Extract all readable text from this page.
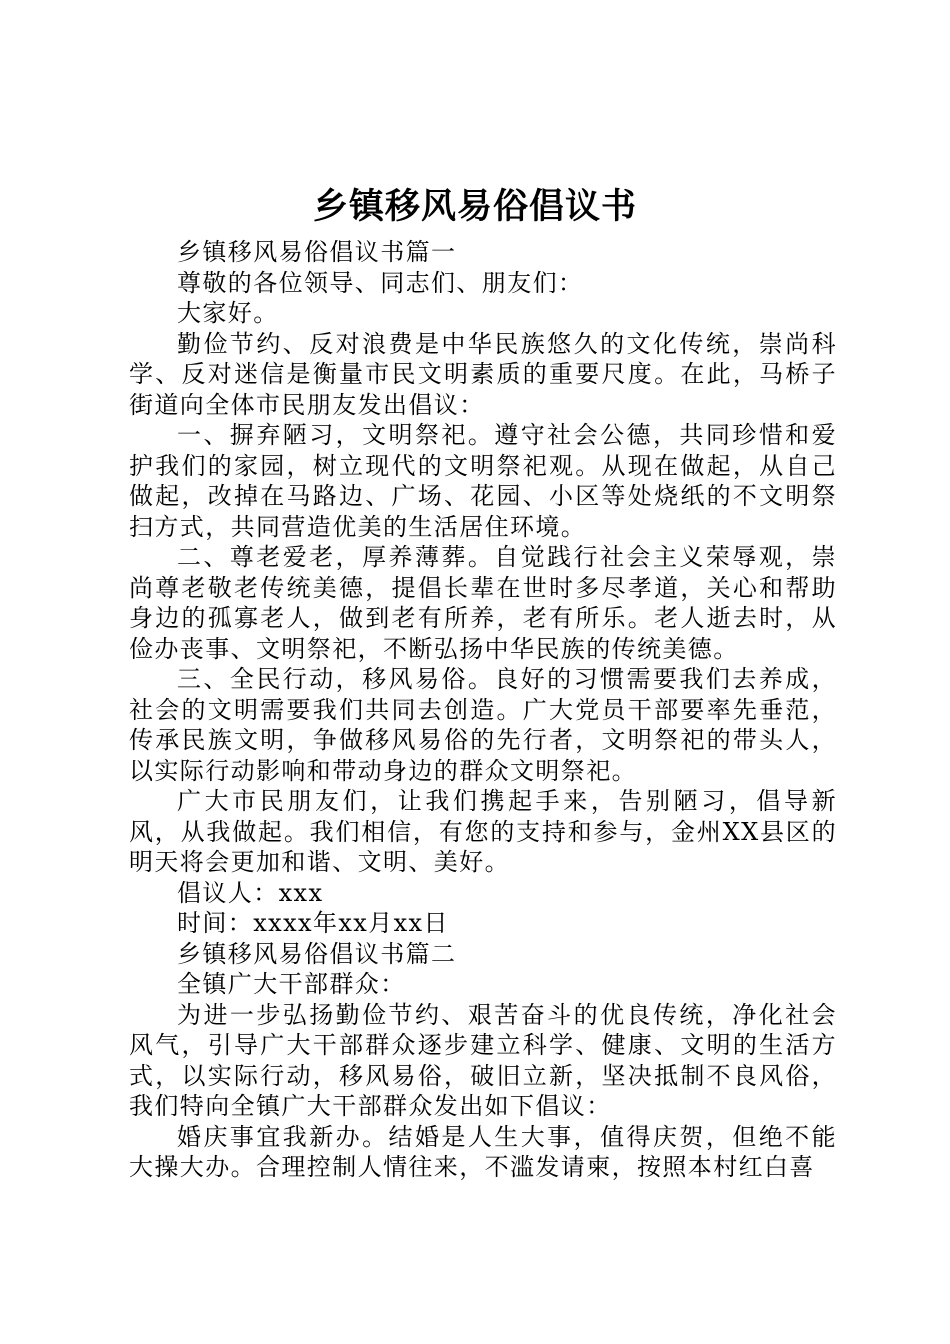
乡镇移风易俗倡议书

乡镇移风易俗倡议书篇一

尊敬的各位领导、同志们、朋友们：

大家好。

勤俭节约、反对浪费是中华民族悠久的文化传统，崇尚科学、反对迷信是衡量市民文明素质的重要尺度。在此，马桥子街道向全体市民朋友发出倡议：

一、摒弃陋习，文明祭祀。遵守社会公德，共同珍惜和爱护我们的家园，树立现代的文明祭祀观。从现在做起，从自己做起，改掉在马路边、广场、花园、小区等处烧纸的不文明祭扫方式，共同营造优美的生活居住环境。

二、尊老爱老，厚养薄葬。自觉践行社会主义荣辱观，崇尚尊老敬老传统美德，提倡长辈在世时多尽孝道，关心和帮助身边的孤寡老人，做到老有所养，老有所乐。老人逝去时，从俭办丧事、文明祭祀，不断弘扬中华民族的传统美德。

三、全民行动，移风易俗。良好的习惯需要我们去养成，社会的文明需要我们共同去创造。广大党员干部要率先垂范，传承民族文明，争做移风易俗的先行者，文明祭祀的带头人，以实际行动影响和带动身边的群众文明祭祀。

广大市民朋友们，让我们携起手来，告别陋习，倡导新风，从我做起。我们相信，有您的支持和参与，金州XX县区的明天将会更加和谐、文明、美好。

倡议人：xxx

时间：xxxx年xx月xx日

乡镇移风易俗倡议书篇二

全镇广大干部群众：

为进一步弘扬勤俭节约、艰苦奋斗的优良传统，净化社会风气，引导广大干部群众逐步建立科学、健康、文明的生活方式，以实际行动，移风易俗，破旧立新，坚决抵制不良风俗，我们特向全镇广大干部群众发出如下倡议：

婚庆事宜我新办。结婚是人生大事，值得庆贺，但绝不能大操大办。合理控制人情往来，不滥发请柬，按照本村红白喜
